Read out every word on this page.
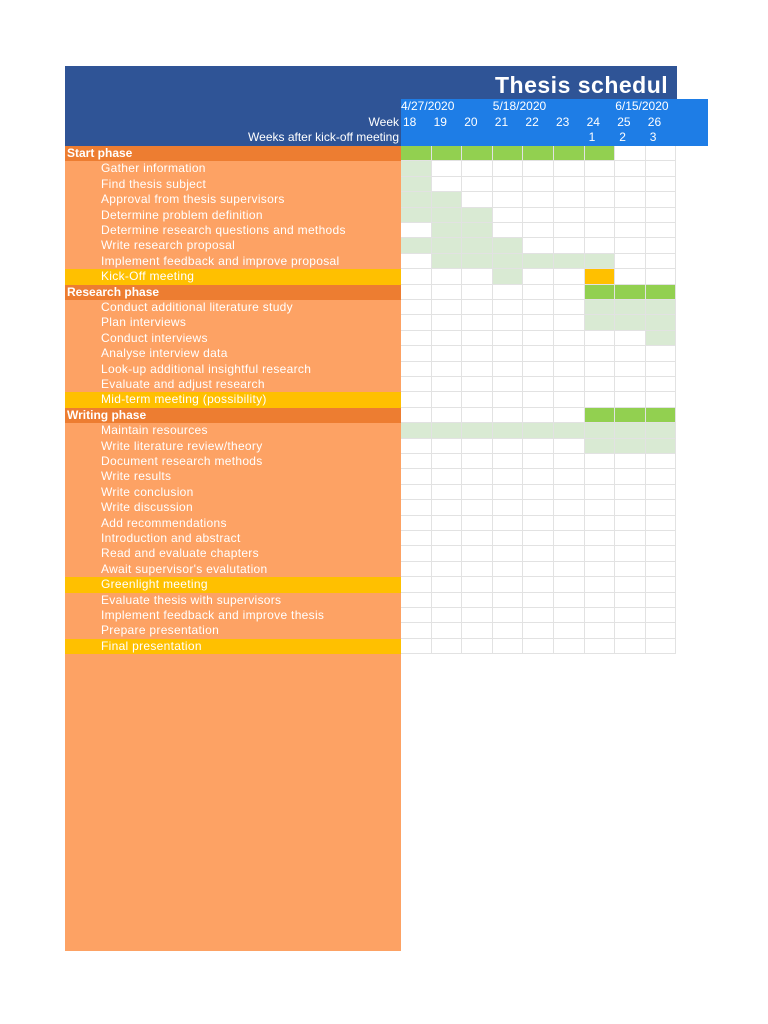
Thesis schedul
Week
Weeks after kick-off meeting
4/27/2020	5/18/2020	6/15/2020
18 19 20 21 22 23 24 25 26
1 2 3
Start phase
Gather information
Find thesis subject
Approval from thesis supervisors
Determine problem definition
Determine research questions and methods
Write research proposal
Implement feedback and improve proposal
Kick-Off meeting
Research phase
Conduct additional literature study
Plan interviews
Conduct interviews
Analyse interview data
Look-up additional insightful research
Evaluate and adjust research
Mid-term meeting (possibility)
Writing phase
Maintain resources
Write literature review/theory
Document research methods
Write results
Write conclusion
Write discussion
Add recommendations
Introduction and abstract
Read and evaluate chapters
Await supervisor's evalutation
Greenlight meeting
Evaluate thesis with supervisors
Implement feedback and improve thesis
Prepare presentation
Final presentation
